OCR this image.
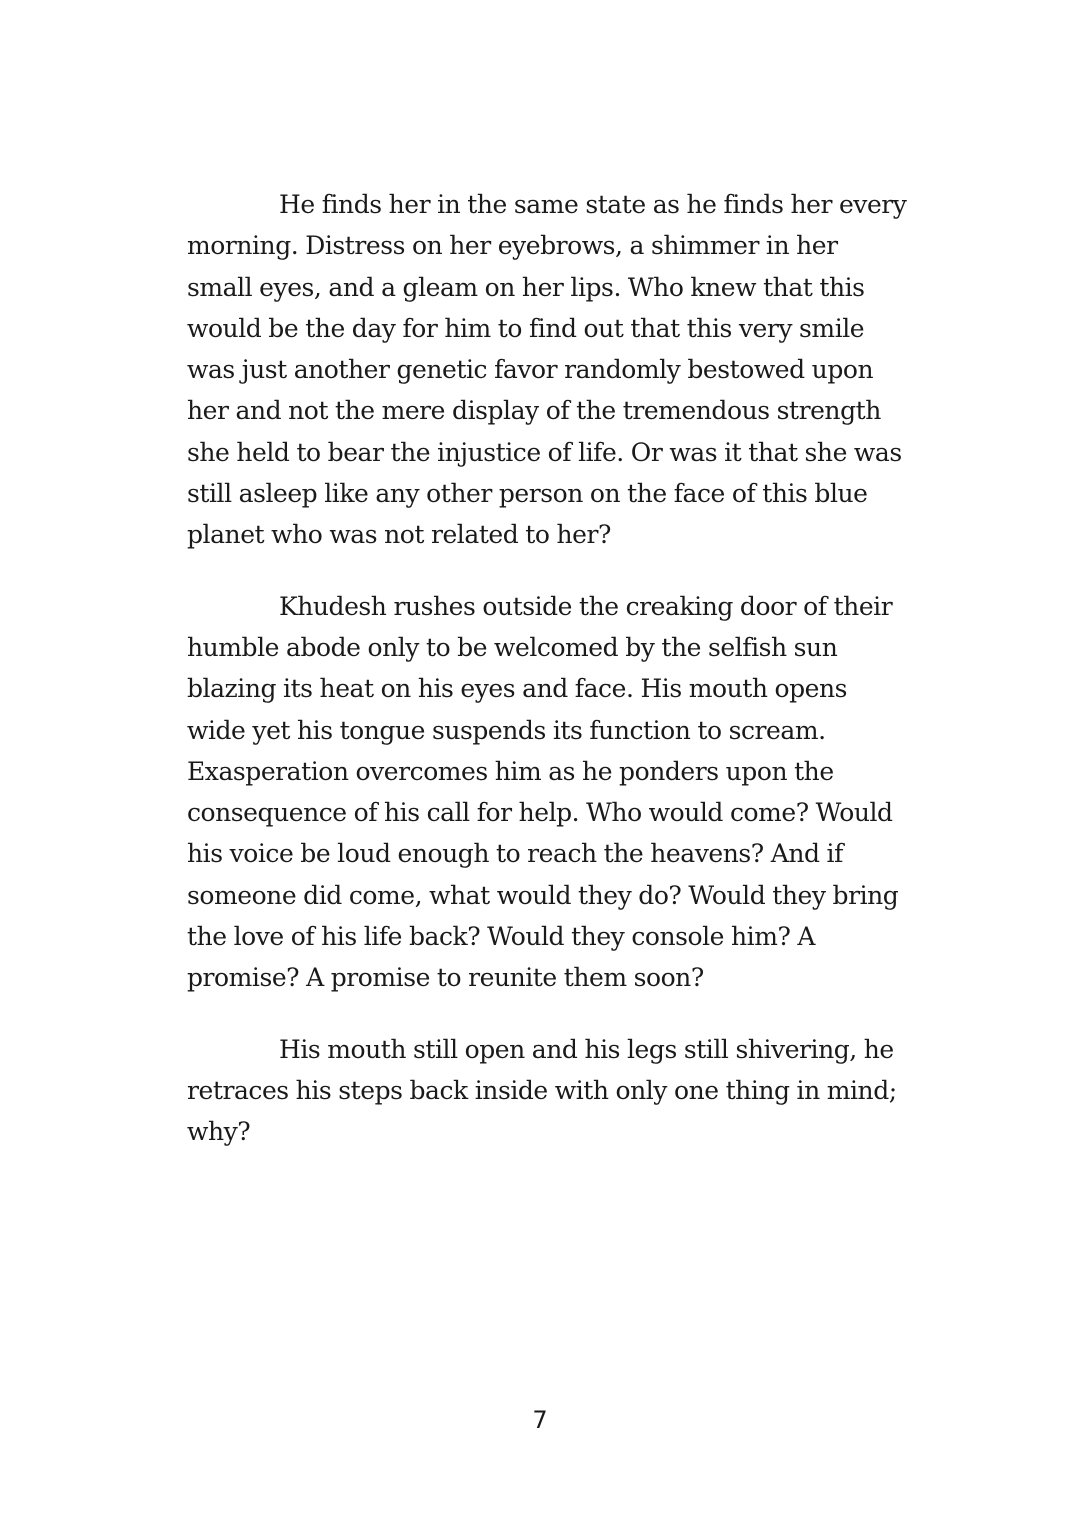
He finds her in the same state as he finds her every morning. Distress on her eyebrows, a shimmer in her small eyes, and a gleam on her lips. Who knew that this would be the day for him to find out that this very smile was just another genetic favor randomly bestowed upon her and not the mere display of the tremendous strength she held to bear the injustice of life. Or was it that she was still asleep like any other person on the face of this blue planet who was not related to her?

Khudesh rushes outside the creaking door of their humble abode only to be welcomed by the selfish sun blazing its heat on his eyes and face. His mouth opens wide yet his tongue suspends its function to scream. Exasperation overcomes him as he ponders upon the consequence of his call for help. Who would come? Would his voice be loud enough to reach the heavens? And if someone did come, what would they do? Would they bring the love of his life back? Would they console him? A promise? A promise to reunite them soon?

His mouth still open and his legs still shivering, he retraces his steps back inside with only one thing in mind; why?

7
